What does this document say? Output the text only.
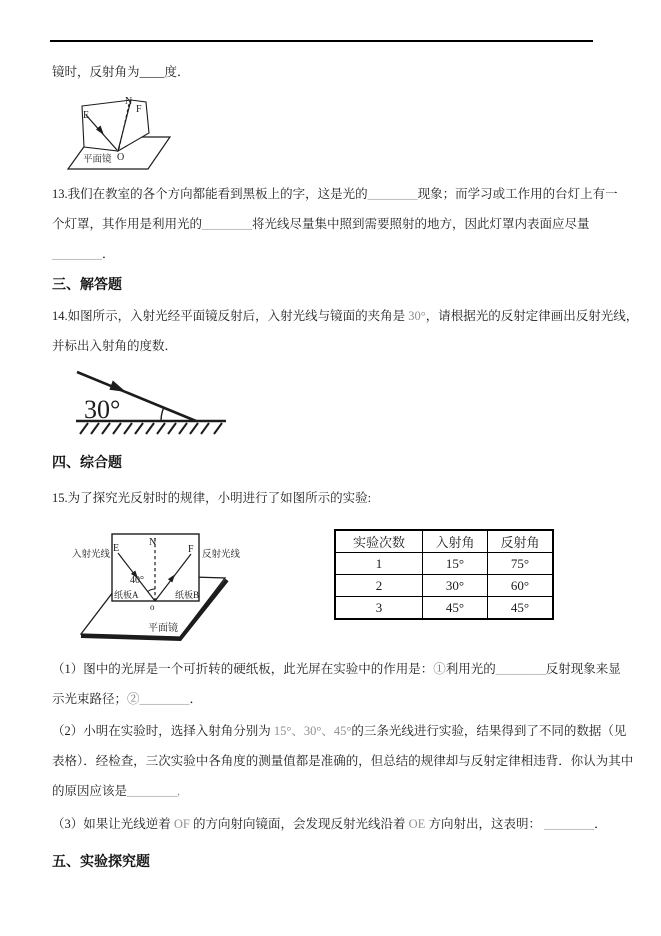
镜时，反射角为____度．
E
N
F
O
平面镜
13.我们在教室的各个方向都能看到黑板上的字，这是光的________现象；而学习或工作用的台灯上有一
个灯罩，其作用是利用光的________将光线尽量集中照到需要照射的地方，因此灯罩内表面应尽量
________．
三、解答题
14.如图所示，入射光经平面镜反射后，入射光线与镜面的夹角是 30°，请根据光的反射定律画出反射光线，
并标出入射角的度数．
30°
四、综合题
15.为了探究光反射时的规律，小明进行了如图所示的实验:
入射光线	反射光线
E
N
F
40°
纸板A	纸板B
o
平面镜
实验次数	入射角	反射角
1	15°	75°
2	30°	60°
3	45°	45°
（1）图中的光屏是一个可折转的硬纸板，此光屏在实验中的作用是：①利用光的________反射现象来显
示光束路径；②________．
（2）小明在实验时，选择入射角分别为 15°、30°、45°的三条光线进行实验，结果得到了不同的数据（见
表格）．经检查，三次实验中各角度的测量值都是准确的，但总结的规律却与反射定律相违背．你认为其中
的原因应该是________,
（3）如果让光线逆着 OF 的方向射向镜面，会发现反射光线沿着 OE 方向射出，这表明： ________．
五、实验探究题
